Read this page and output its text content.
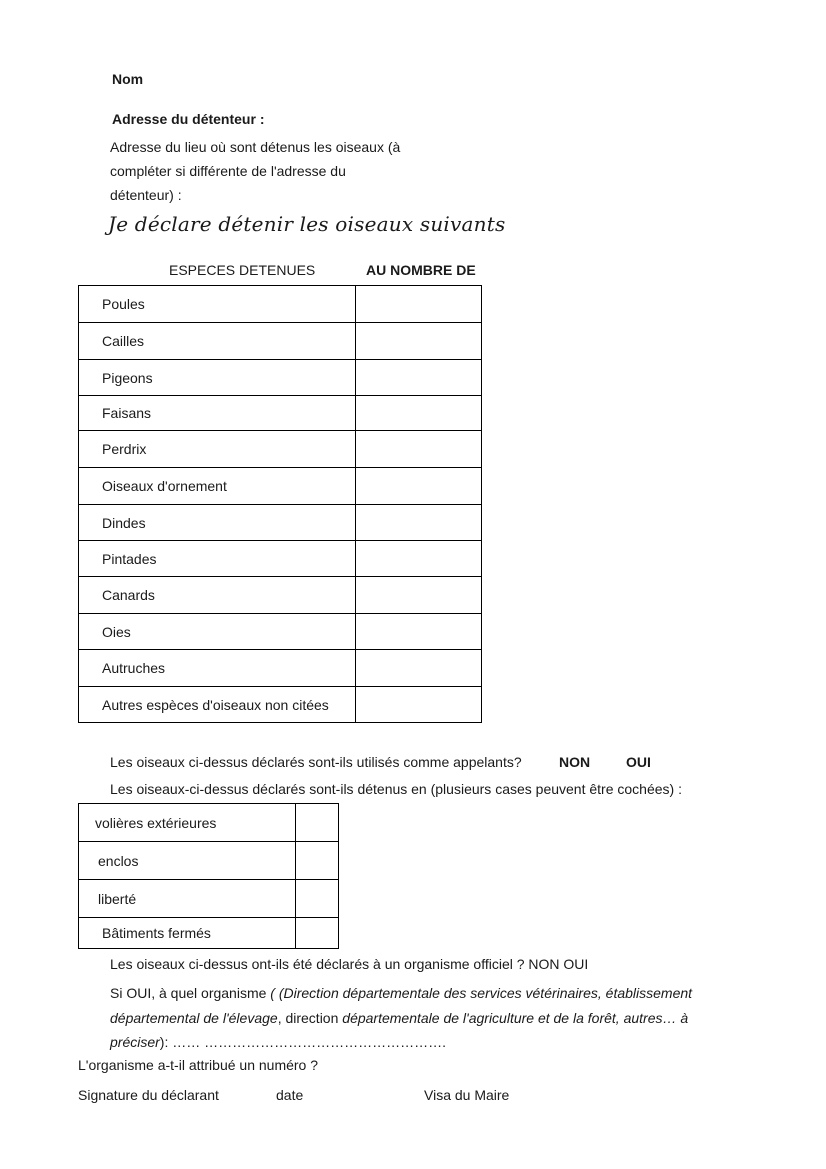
Nom
Adresse du détenteur :
Adresse du lieu où sont détenus les oiseaux (à
compléter si différente de l'adresse du
détenteur) :
Je déclare détenir les oiseaux suivants
ESPECES DETENUES	AU NOMBRE DE
Poules	
Cailles	
Pigeons	
Faisans	
Perdrix	
Oiseaux d'ornement	
Dindes	
Pintades	
Canards	
Oies	
Autruches	
Autres espèces d'oiseaux non citées	
Les oiseaux ci-dessus déclarés sont-ils utilisés comme appelants?	NON	OUI
Les oiseaux-ci-dessus déclarés sont-ils détenus en (plusieurs cases peuvent être cochées) :
volières extérieures	
enclos	
liberté	
Bâtiments fermés	
Les oiseaux ci-dessus ont-ils été déclarés à un organisme officiel ? NON OUI
Si OUI, à quel organisme ( (Direction départementale des services vétérinaires, établissement
départemental de l'élevage, direction départementale de l'agriculture et de la forêt, autres… à
préciser): …… …………………………………………….
L'organisme a-t-il attribué un numéro ?
Signature du déclarant	date	Visa du Maire
